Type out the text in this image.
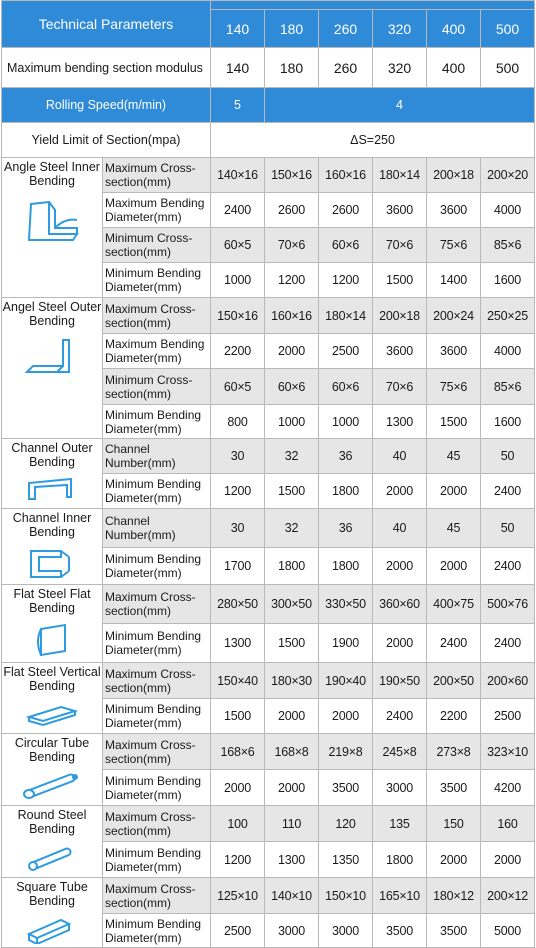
Technical Parameters							
		140	180	260	320	400	500
Maximum bending section modulus		140	180	260	320	400	500
Rolling Speed(m/min)		5	4				
Yield Limit of Section(mpa)		ΔS=250					

Angle Steel Inner Bending	Maximum Cross-section(mm)	140×16	150×16	160×16	180×14	200×18	200×20
	Maximum Bending Diameter(mm)	2400	2600	2600	3600	3600	4000
	Minimum Cross-section(mm)	60×5	70×6	60×6	70×6	75×6	85×6
	Minimum Bending Diameter(mm)	1000	1200	1200	1500	1400	1600

Angel Steel Outer Bending	Maximum Cross-section(mm)	150×16	160×16	180×14	200×18	200×24	250×25
	Maximum Bending Diameter(mm)	2200	2000	2500	3600	3600	4000
	Minimum Cross-section(mm)	60×5	60×6	60×6	70×6	75×6	85×6
	Minimum Bending Diameter(mm)	800	1000	1000	1300	1500	1600

Channel Outer Bending	Channel Number(mm)	30	32	36	40	45	50
	Minimum Bending Diameter(mm)	1200	1500	1800	2000	2000	2400

Channel Inner Bending	Channel Number(mm)	30	32	36	40	45	50
	Minimum Bending Diameter(mm)	1700	1800	1800	2000	2000	2400

Flat Steel Flat Bending	Maximum Cross-section(mm)	280×50	300×50	330×50	360×60	400×75	500×76
	Minimum Bending Diameter(mm)	1300	1500	1900	2000	2400	2400

Flat Steel Vertical Bending	Maximum Cross-section(mm)	150×40	180×30	190×40	190×50	200×50	200×60
	Minimum Bending Diameter(mm)	1500	2000	2000	2400	2200	2500

Circular Tube Bending	Maximum Cross-section(mm)	168×6	168×8	219×8	245×8	273×8	323×10
	Minimum Bending Diameter(mm)	2000	2000	3500	3000	3500	4200

Round Steel Bending	Maximum Cross-section(mm)	100	110	120	135	150	160
	Minimum Bending Diameter(mm)	1200	1300	1350	1800	2000	2000

Square Tube Bending	Maximum Cross-section(mm)	125×10	140×10	150×10	165×10	180×12	200×12
	Minimum Bending Diameter(mm)	2500	3000	3000	3500	3500	5000
